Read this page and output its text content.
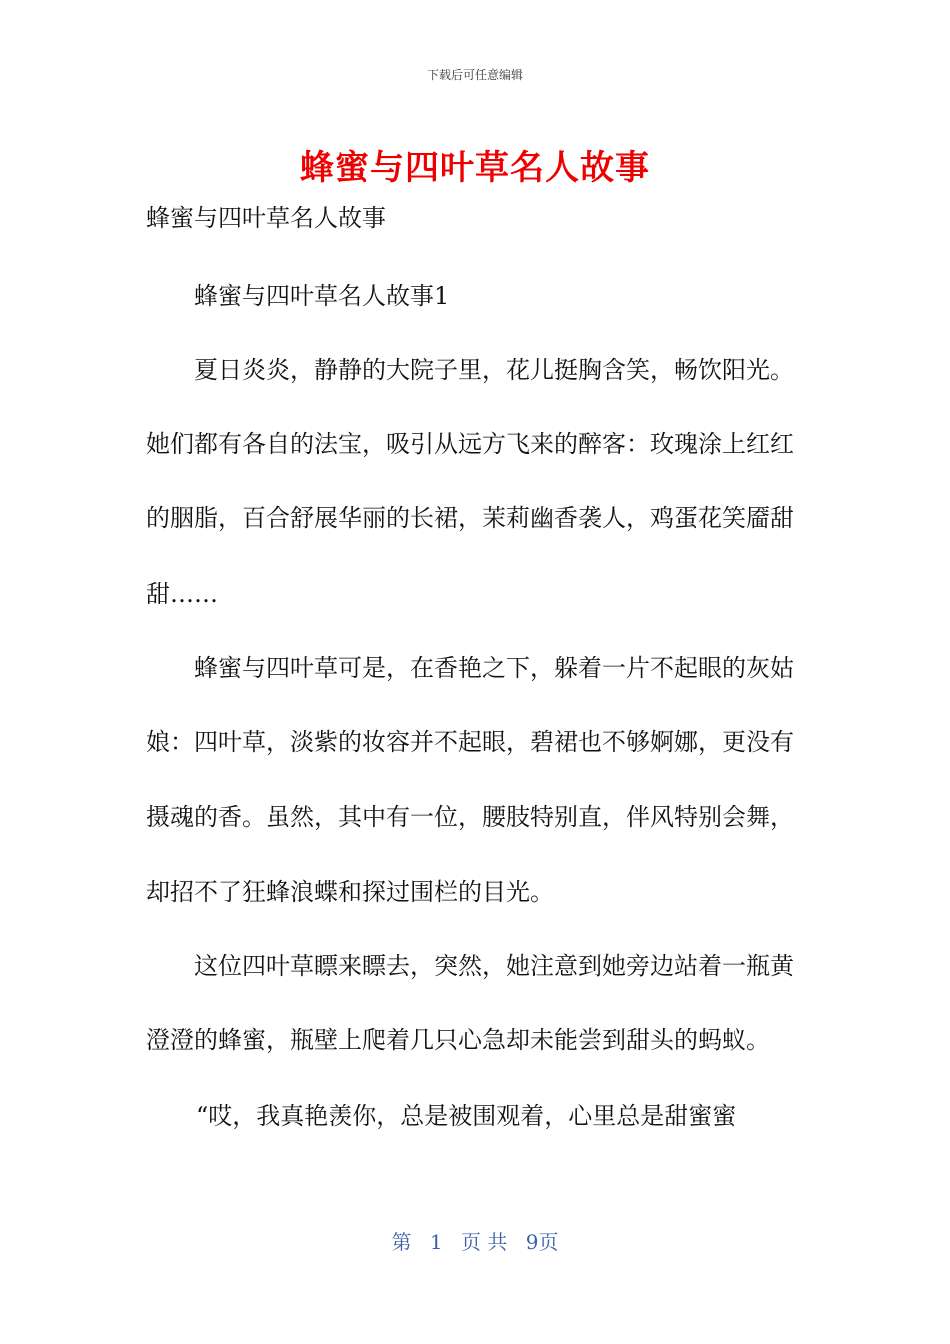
下载后可任意编辑
蜂蜜与四叶草名人故事

蜂蜜与四叶草名人故事

蜂蜜与四叶草名人故事1

夏日炎炎，静静的大院子里，花儿挺胸含笑，畅饮阳光。

她们都有各自的法宝，吸引从远方飞来的醉客：玫瑰涂上红红

的胭脂，百合舒展华丽的长裙，茉莉幽香袭人，鸡蛋花笑靥甜

甜……

蜂蜜与四叶草可是，在香艳之下，躲着一片不起眼的灰姑

娘：四叶草，淡紫的妆容并不起眼，碧裙也不够婀娜，更没有

摄魂的香。虽然，其中有一位，腰肢特别直，伴风特别会舞，

却招不了狂蜂浪蝶和探过围栏的目光。

这位四叶草瞟来瞟去，突然，她注意到她旁边站着一瓶黄

澄澄的蜂蜜，瓶壁上爬着几只心急却未能尝到甜头的蚂蚁。

“哎，我真艳羡你，总是被围观着，心里总是甜蜜蜜

第 1 页 共 9页
